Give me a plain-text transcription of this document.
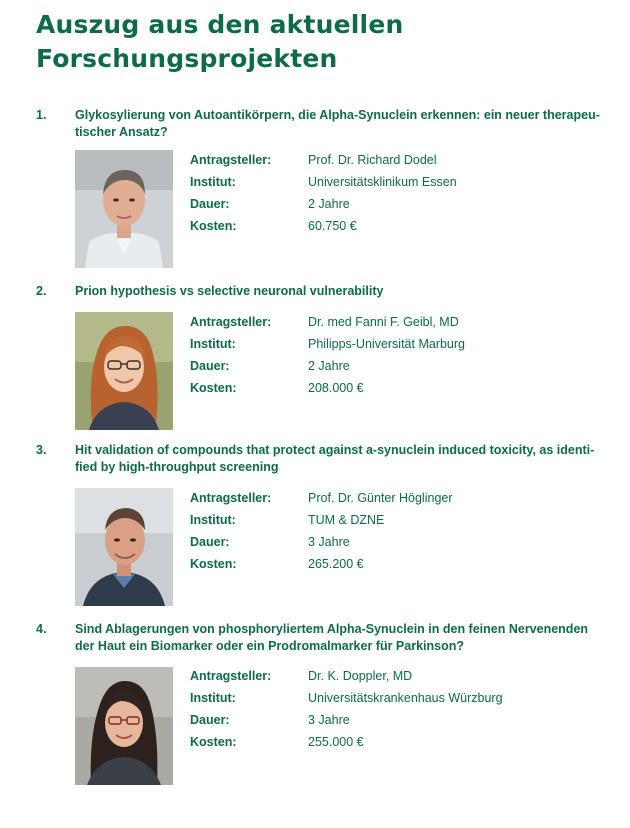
Auszug aus den aktuellen
Forschungsprojekten
1. Glykosylierung von Autoantikörpern, die Alpha-Synuclein erkennen: ein neuer therapeu-
tischer Ansatz?
Antragsteller:	Prof. Dr. Richard Dodel
Institut:	Universitätsklinikum Essen
Dauer:	2 Jahre
Kosten:	60.750 €
2. Prion hypothesis vs selective neuronal vulnerability
Antragsteller:	Dr. med Fanni F. Geibl, MD
Institut:	Philipps-Universität Marburg
Dauer:	2 Jahre
Kosten:	208.000 €
3. Hit validation of compounds that protect against a-synuclein induced toxicity, as identi-
fied by high-throughput screening
Antragsteller:	Prof. Dr. Günter Höglinger
Institut:	TUM & DZNE
Dauer:	3 Jahre
Kosten:	265.200 €
4. Sind Ablagerungen von phosphoryliertem Alpha-Synuclein in den feinen Nervenenden
der Haut ein Biomarker oder ein Prodromalmarker für Parkinson?
Antragsteller:	Dr. K. Doppler, MD
Institut:	Universitätskrankenhaus Würzburg
Dauer:	3 Jahre
Kosten:	255.000 €
